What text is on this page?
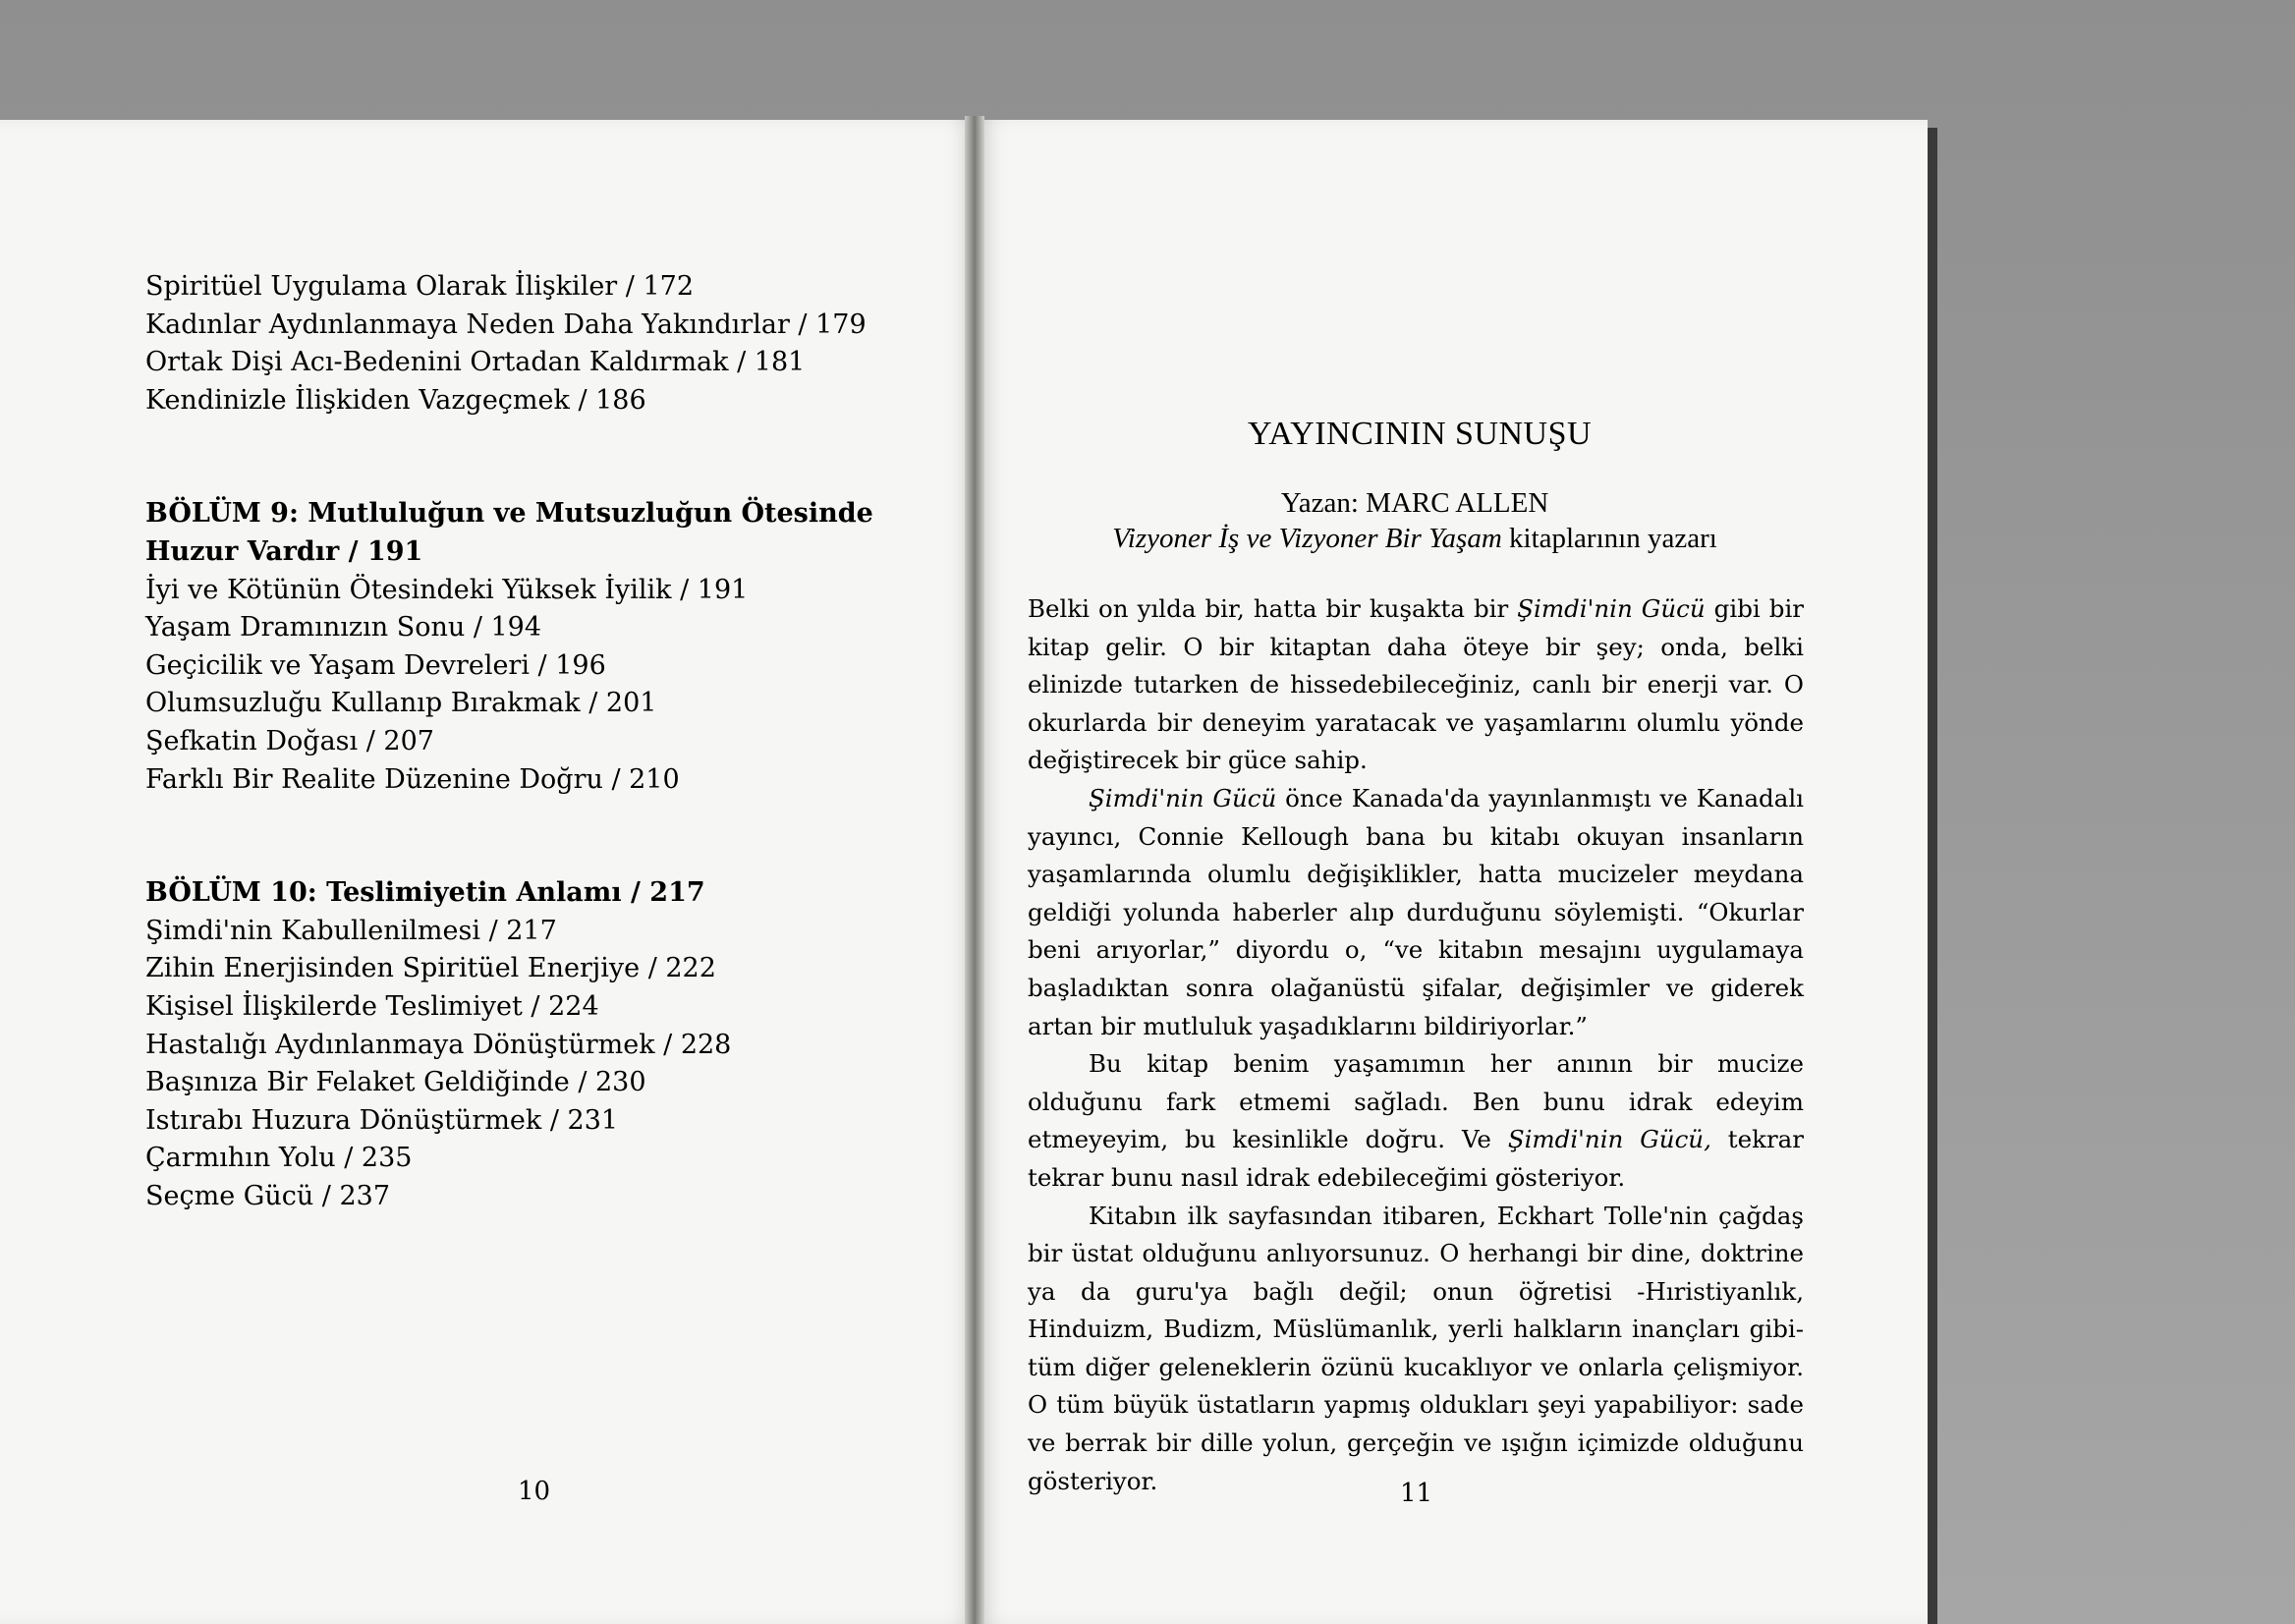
Spiritüel Uygulama Olarak İlişkiler / 172
Kadınlar Aydınlanmaya Neden Daha Yakındırlar / 179
Ortak Dişi Acı-Bedenini Ortadan Kaldırmak / 181
Kendinizle İlişkiden Vazgeçmek / 186
BÖLÜM 9: Mutluluğun ve Mutsuzluğun Ötesinde
Huzur Vardır / 191
İyi ve Kötünün Ötesindeki Yüksek İyilik / 191
Yaşam Dramınızın Sonu / 194
Geçicilik ve Yaşam Devreleri / 196
Olumsuzluğu Kullanıp Bırakmak / 201
Şefkatin Doğası / 207
Farklı Bir Realite Düzenine Doğru / 210
BÖLÜM 10: Teslimiyetin Anlamı / 217
Şimdi'nin Kabullenilmesi / 217
Zihin Enerjisinden Spiritüel Enerjiye / 222
Kişisel İlişkilerde Teslimiyet / 224
Hastalığı Aydınlanmaya Dönüştürmek / 228
Başınıza Bir Felaket Geldiğinde / 230
Istırabı Huzura Dönüştürmek / 231
Çarmıhın Yolu / 235
Seçme Gücü / 237
10
YAYINCININ SUNUŞU
Yazan: MARC ALLEN
Vizyoner İş ve Vizyoner Bir Yaşam kitaplarının yazarı

Belki on yılda bir, hatta bir kuşakta bir Şimdi'nin Gücü gibi bir kitap gelir. O bir kitaptan daha öteye bir şey; onda, belki elinizde tutarken de hissedebileceğiniz, canlı bir enerji var. O okurlarda bir deneyim yaratacak ve yaşamlarını olumlu yönde değiştirecek bir güce sahip.

Şimdi'nin Gücü önce Kanada'da yayınlanmıştı ve Kanadalı yayıncı, Connie Kellough bana bu kitabı okuyan insanların yaşamlarında olumlu değişiklikler, hatta mucizeler meydana geldiği yolunda haberler alıp durduğunu söylemişti. “Okurlar beni arıyorlar,” diyordu o, “ve kitabın mesajını uygulamaya başladıktan sonra olağanüstü şifalar, değişimler ve giderek artan bir mutluluk yaşadıklarını bildiriyorlar.”

Bu kitap benim yaşamımın her anının bir mucize olduğunu fark etmemi sağladı. Ben bunu idrak edeyim etmeyeyim, bu kesinlikle doğru. Ve Şimdi'nin Gücü, tekrar tekrar bunu nasıl idrak edebileceğimi gösteriyor.

Kitabın ilk sayfasından itibaren, Eckhart Tolle'nin çağdaş bir üstat olduğunu anlıyorsunuz. O herhangi bir dine, doktrine ya da guru'ya bağlı değil; onun öğretisi -Hıristiyanlık, Hinduizm, Budizm, Müslümanlık, yerli halkların inançları gibi- tüm diğer geleneklerin özünü kucaklıyor ve onlarla çelişmiyor. O tüm büyük üstatların yapmış oldukları şeyi yapabiliyor: sade ve berrak bir dille yolun, gerçeğin ve ışığın içimizde olduğunu gösteriyor.	11
